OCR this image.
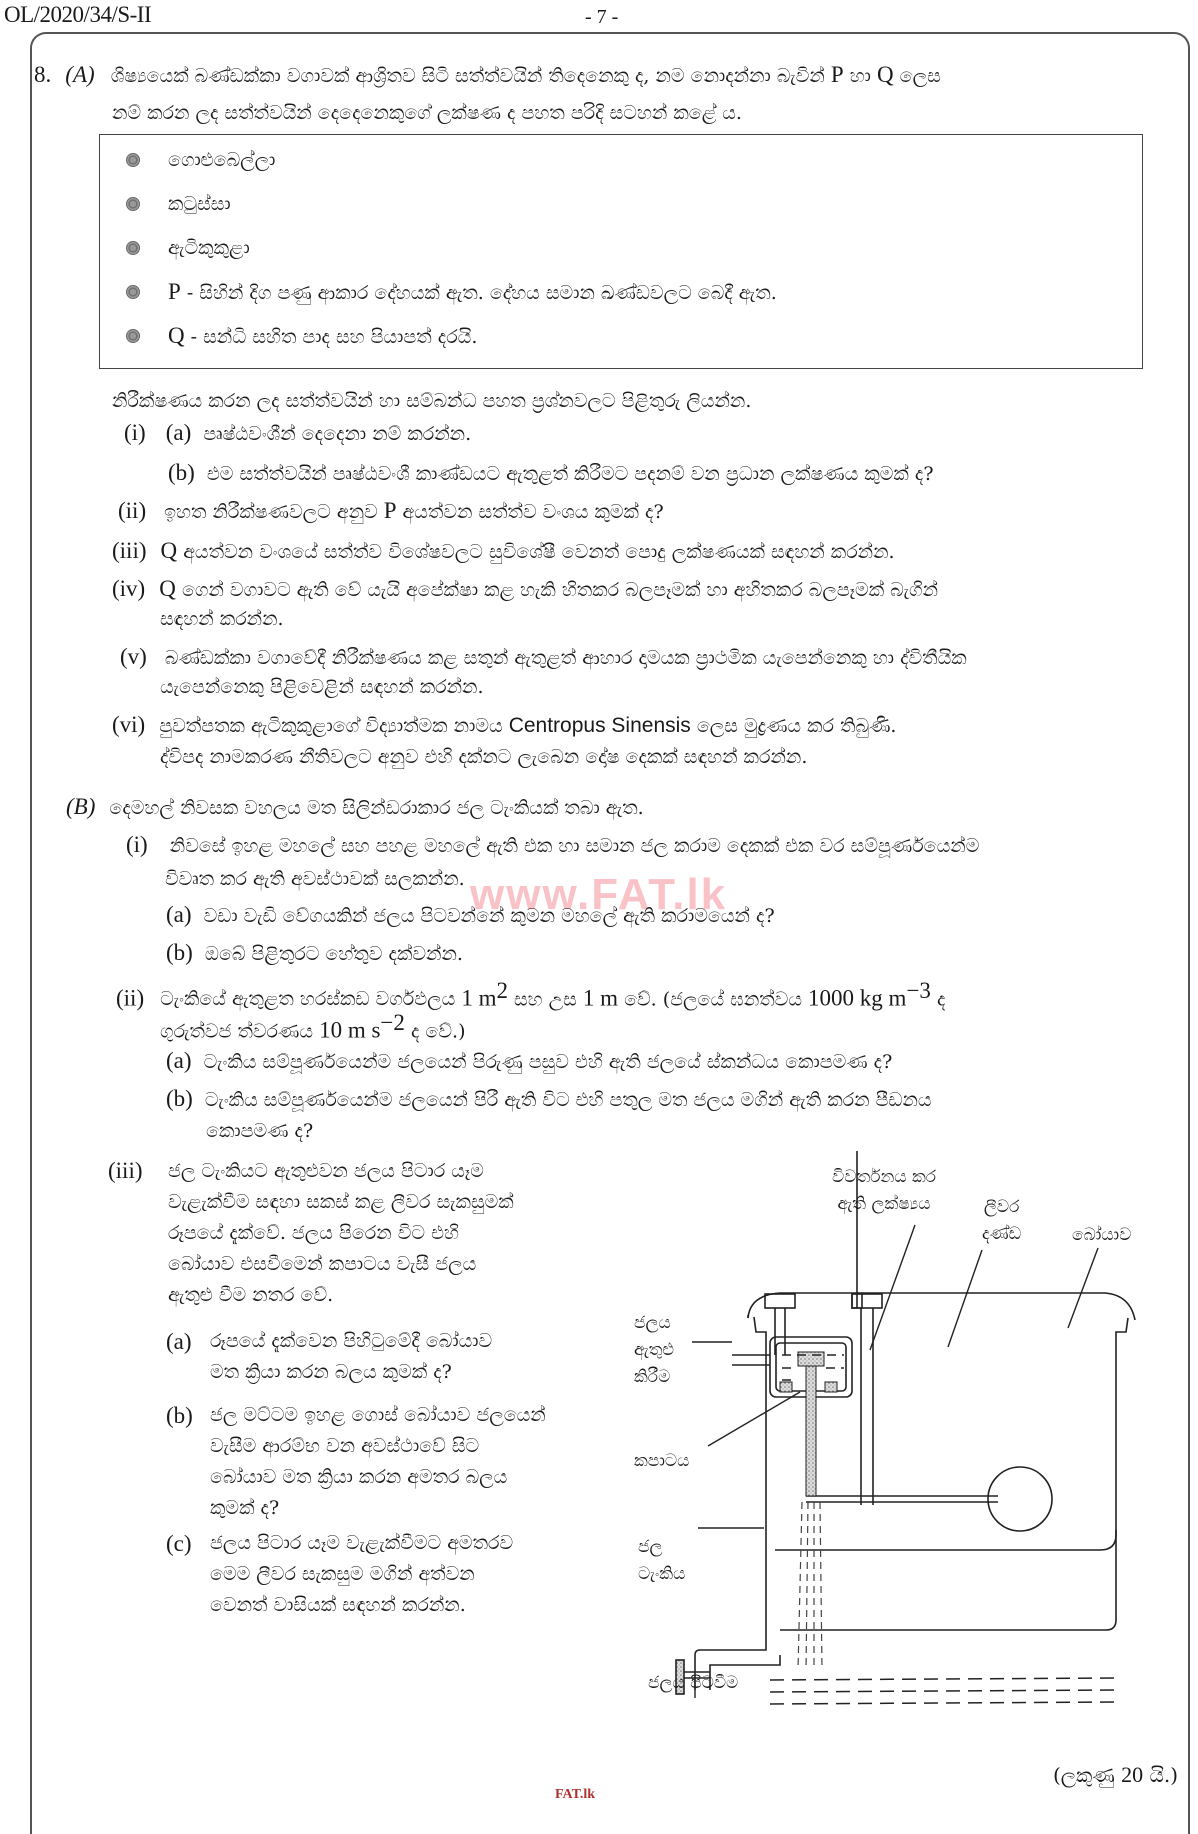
OL/2020/34/S-II	- 7 -
8. (A) ශිෂ්‍යයෙක් බණ්ඩක්කා වගාවක් ආශ්‍රිතව සිටි සත්ත්වයින් තිදෙනෙකු ද, නම නොදන්නා බැවින් P හා Q ලෙස
නම් කරන ලද සත්ත්වයින් දෙදෙනෙකුගේ ලක්ෂණ ද පහත පරිදි සටහන් කළේ ය.
ගොළුබෙල්ලා
කටුස්සා
ඇටිකුකුළා
P - සිහින් දිග පණු ආකාර දේහයක් ඇත. දේහය සමාන ඛණ්ඩවලට බෙදී ඇත.
Q - සන්ධි සහිත පාද සහ පියාපත් දරයි.
නිරීක්ෂණය කරන ලද සත්ත්වයින් හා සම්බන්ධ පහත ප්‍රශ්නවලට පිළිතුරු ලියන්න.
(i) (a) පෘෂ්ඨවංශීන් දෙදෙනා නම් කරන්න.
(b) එම සත්ත්වයින් පෘෂ්ඨවංශී කාණ්ඩයට ඇතුළත් කිරීමට පදනම් වන ප්‍රධාන ලක්ෂණය කුමක් ද?
(ii) ඉහත නිරීක්ෂණවලට අනුව P අයත්වන සත්ත්ව වංශය කුමක් ද?
(iii) Q අයත්වන වංශයේ සත්ත්ව විශේෂවලට සුවිශේෂී වෙනත් පොදු ලක්ෂණයක් සඳහන් කරන්න.
(iv) Q ගෙන් වගාවට ඇති වේ යැයි අපේක්ෂා කළ හැකි හිතකර බලපෑමක් හා අහිතකර බලපෑමක් බැගින්
සඳහන් කරන්න.
(v) බණ්ඩක්කා වගාවේදී නිරීක්ෂණය කළ සතුන් ඇතුළත් ආහාර දාමයක ප්‍රාථමික යැපෙන්නෙකු හා ද්විතීයික
යැපෙන්නෙකු පිළිවෙළින් සඳහන් කරන්න.
(vi) පුවත්පතක ඇටිකුකුළාගේ විද්‍යාත්මක නාමය Centropus Sinensis ලෙස මුද්‍රණය කර තිබුණි.
ද්විපද නාමකරණ නීතිවලට අනුව එහි දක්නට ලැබෙන දෝෂ දෙකක් සඳහන් කරන්න.
(B) දෙමහල් නිවසක වහලය මත සිලින්ඩරාකාර ජල ටැංකියක් තබා ඇත.
www.FAT.lk
(i) නිවසේ ඉහළ මහලේ සහ පහළ මහලේ ඇති එක හා සමාන ජල කරාම දෙකක් එක වර සම්පූර්ණයෙන්ම
විවෘත කර ඇති අවස්ථාවක් සලකන්න.
(a) වඩා වැඩි වේගයකින් ජලය පිටවන්නේ කුමන මහලේ ඇති කරාමයෙන් ද?
(b) ඔබේ පිළිතුරට හේතුව දක්වන්න.
(ii) ටැංකියේ ඇතුළත හරස්කඩ වර්ගඵලය 1 $m^2$ සහ උස 1 m වේ. (ජලයේ ඝනත්වය 1000 kg $m^{-3}$ ද
ගුරුත්වජ ත්වරණය 10 m $s^{-2}$ ද වේ.)
(a) ටැංකිය සම්පූර්ණයෙන්ම ජලයෙන් පිරුණු පසුව එහි ඇති ජලයේ ස්කන්ධය කොපමණ ද?
(b) ටැංකිය සම්පූර්ණයෙන්ම ජලයෙන් පිරී ඇති විට එහි පතුල මත ජලය මගින් ඇති කරන පීඩනය
කොපමණ ද?
(iii) ජල ටැංකියට ඇතුළුවන ජලය පිටාර යෑම
වැළැක්වීම සඳහා සකස් කළ ලීවර සැකසුමක්
රූපයේ දැක්වේ. ජලය පිරෙන විට එහි
බෝයාව එසවීමෙන් කපාටය වැසී ජලය
ඇතුළු වීම නතර වේ.
(a) රූපයේ දැක්වෙන පිහිටුමේදී බෝයාව
මත ක්‍රියා කරන බලය කුමක් ද?
(b) ජල මට්ටම ඉහළ ගොස් බෝයාව ජලයෙන්
වැසීම ආරම්භ වන අවස්ථාවේ සිට
බෝයාව මත ක්‍රියා කරන අමතර බලය
කුමක් ද?
(c) ජලය පිටාර යෑම වැළැක්වීමට අමතරව
මෙම ලීවර සැකසුම මගින් අත්වන
වෙනත් වාසියක් සඳහන් කරන්න.
විවර්තනය කර
ඇති ලක්ෂ්‍යය	ලීවර
දණ්ඩ	බෝයාව
ජලය
ඇතුළු
කිරීම
කපාටය
ජල
ටැංකිය
ජලය පිටවීම
(ලකුණු 20 යි.)
FAT.lk
